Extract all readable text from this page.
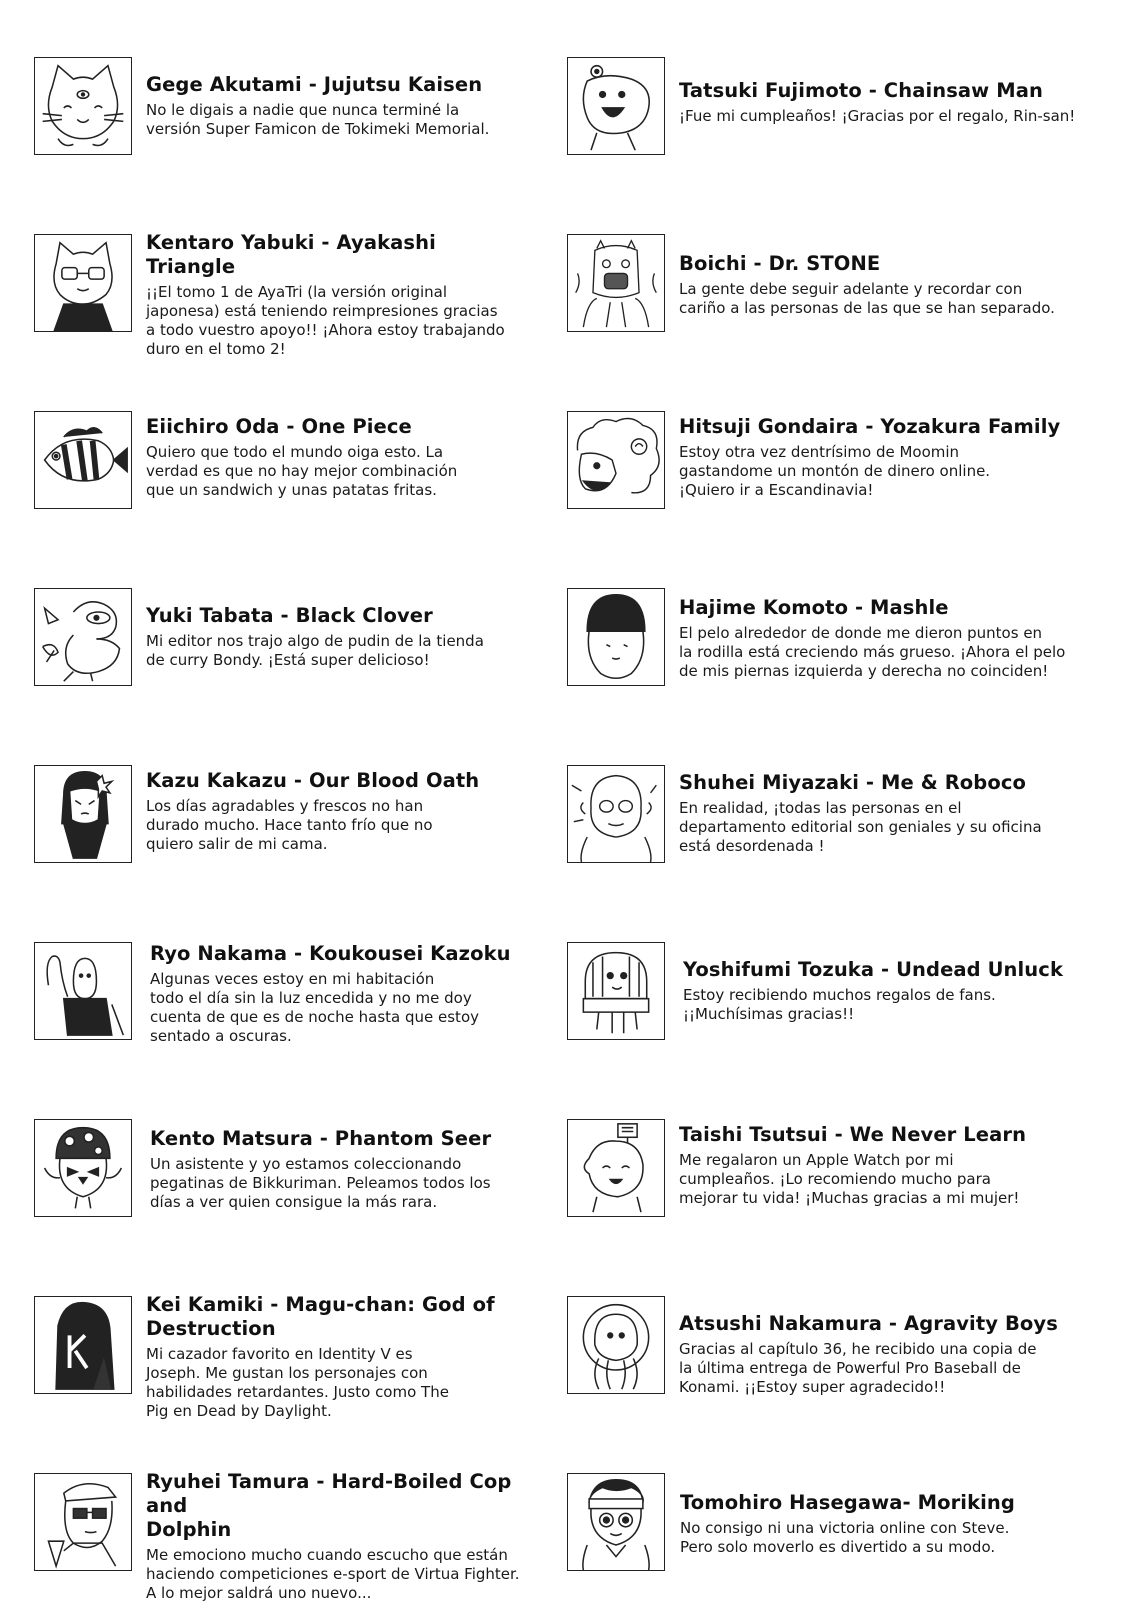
Gege Akutami - Jujutsu Kaisen
No le digais a nadie que nunca terminé la
versión Super Famicon de Tokimeki Memorial.
Tatsuki Fujimoto - Chainsaw Man
¡Fue mi cumpleaños! ¡Gracias por el regalo, Rin-san!
Kentaro Yabuki - Ayakashi Triangle
¡¡El tomo 1 de AyaTri (la versión original
japonesa) está teniendo reimpresiones gracias
a todo vuestro apoyo!! ¡Ahora estoy trabajando
duro en el tomo 2!
Boichi - Dr. STONE
La gente debe seguir adelante y recordar con
cariño a las personas de las que se han separado.
Eiichiro Oda - One Piece
Quiero que todo el mundo oiga esto. La
verdad es que no hay mejor combinación
que un sandwich y unas patatas fritas.
Hitsuji Gondaira - Yozakura Family
Estoy otra vez dentrísimo de Moomin
gastandome un montón de dinero online.
¡Quiero ir a Escandinavia!
Yuki Tabata - Black Clover
Mi editor nos trajo algo de pudin de la tienda
de curry Bondy. ¡Está super delicioso!
Hajime Komoto - Mashle
El pelo alrededor de donde me dieron puntos en
la rodilla está creciendo más grueso. ¡Ahora el pelo
de mis piernas izquierda y derecha no coinciden!
Kazu Kakazu - Our Blood Oath
Los días agradables y frescos no han
durado mucho. Hace tanto frío que no
quiero salir de mi cama.
Shuhei Miyazaki - Me & Roboco
En realidad, ¡todas las personas en el
departamento editorial son geniales y su oficina
está desordenada !
Ryo Nakama - Koukousei Kazoku
Algunas veces estoy en mi habitación
todo el día sin la luz encedida y no me doy
cuenta de que es de noche hasta que estoy
sentado a oscuras.
Yoshifumi Tozuka - Undead Unluck
Estoy recibiendo muchos regalos de fans.
¡¡Muchísimas gracias!!
Kento Matsura - Phantom Seer
Un asistente y yo estamos coleccionando
pegatinas de Bikkuriman. Peleamos todos los
días a ver quien consigue la más rara.
Taishi Tsutsui - We Never Learn
Me regalaron un Apple Watch por mi
cumpleaños. ¡Lo recomiendo mucho para
mejorar tu vida! ¡Muchas gracias a mi mujer!
Kei Kamiki - Magu-chan: God of
Destruction
Mi cazador favorito en Identity V es
Joseph. Me gustan los personajes con
habilidades retardantes. Justo como The
Pig en Dead by Daylight.
Atsushi Nakamura - Agravity Boys
Gracias al capítulo 36, he recibido una copia de
la última entrega de Powerful Pro Baseball de
Konami. ¡¡Estoy super agradecido!!
Ryuhei Tamura - Hard-Boiled Cop and
Dolphin
Me emociono mucho cuando escucho que están
haciendo competiciones e-sport de Virtua Fighter.
A lo mejor saldrá uno nuevo...
Tomohiro Hasegawa- Moriking
No consigo ni una victoria online con Steve.
Pero solo moverlo es divertido a su modo.
